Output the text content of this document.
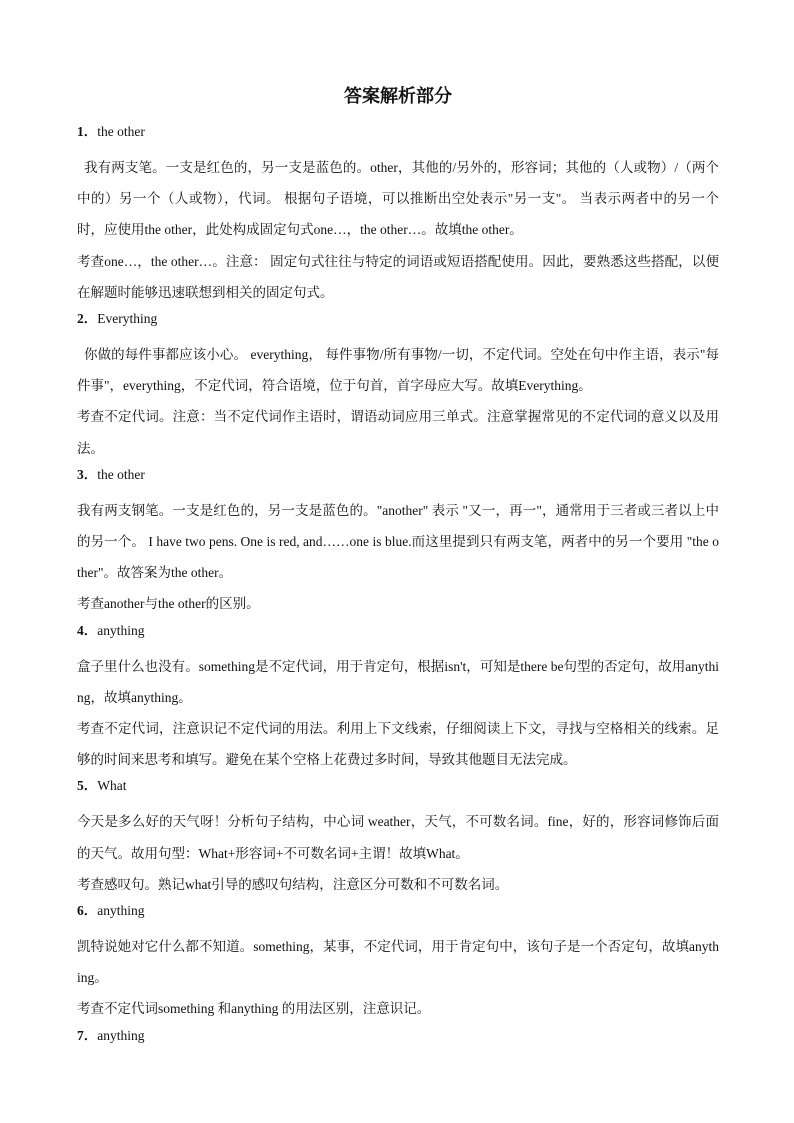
答案解析部分
1．the other

我有两支笔。一支是红色的，另一支是蓝色的。other，其他的/另外的，形容词；其他的（人或物）/（两个中的）另一个（人或物），代词。 根据句子语境，可以推断出空处表示"另一支"。 当表示两者中的另一个时，应使用the other，此处构成固定句式one…，the other…。故填the other。

考查one…，the other…。注意： 固定句式往往与特定的词语或短语搭配使用。因此，要熟悉这些搭配，以便在解题时能够迅速联想到相关的固定句式。

2．Everything

你做的每件事都应该小心。 everything， 每件事物/所有事物/一切，不定代词。空处在句中作主语，表示"每件事"，everything，不定代词，符合语境，位于句首，首字母应大写。故填Everything。

考查不定代词。注意：当不定代词作主语时，谓语动词应用三单式。注意掌握常见的不定代词的意义以及用法。

3．the other

我有两支钢笔。一支是红色的，另一支是蓝色的。"another" 表示 "又一，再一"，通常用于三者或三者以上中的另一个。 I have two pens. One is red, and……one is blue.而这里提到只有两支笔，两者中的另一个要用 "the other"。故答案为the other。

考查another与the other的区别。

4．anything

盒子里什么也没有。something是不定代词，用于肯定句，根据isn't，可知是there be句型的否定句，故用anything，故填anything。

考查不定代词，注意识记不定代词的用法。利用上下文线索，仔细阅读上下文，寻找与空格相关的线索。足够的时间来思考和填写。避免在某个空格上花费过多时间，导致其他题目无法完成。

5．What

今天是多么好的天气呀！分析句子结构，中心词 weather，天气，不可数名词。fine，好的，形容词修饰后面的天气。故用句型：What+形容词+不可数名词+主谓！故填What。

考查感叹句。熟记what引导的感叹句结构，注意区分可数和不可数名词。

6．anything

凯特说她对它什么都不知道。something，某事，不定代词，用于肯定句中，该句子是一个否定句，故填anything。

考查不定代词something 和anything 的用法区别，注意识记。

7．anything
